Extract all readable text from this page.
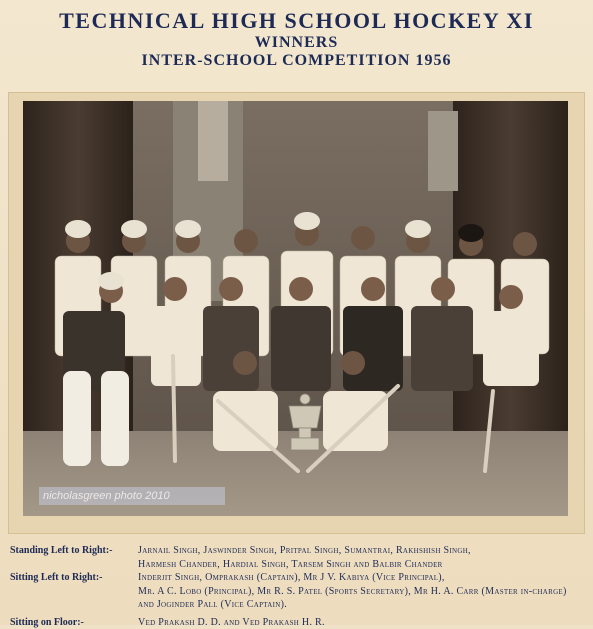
TECHNICAL HIGH SCHOOL HOCKEY XI
WINNERS
INTER-SCHOOL COMPETITION 1956
nicholasgreen photo 2010
Standing Left to Right:-	Jarnail Singh, Jaswinder Singh, Pritpal Singh, Sumantrai, Rakhshish Singh,
Harmesh Chander, Hardial Singh, Tarsem Singh and Balbir Chander
Sitting Left to Right:-	Inderjit Singh, Omprakash (Captain), Mr J V. Kabiya (Vice Principal),
Mr. A C. Lobo (Principal), Mr R. S. Patel (Sports Secretary), Mr H. A. Carr (Master in-charge)
and Joginder Pall (Vice Captain).
Sitting on Floor:-	Ved Prakash D. D. and Ved Prakash H. R.
